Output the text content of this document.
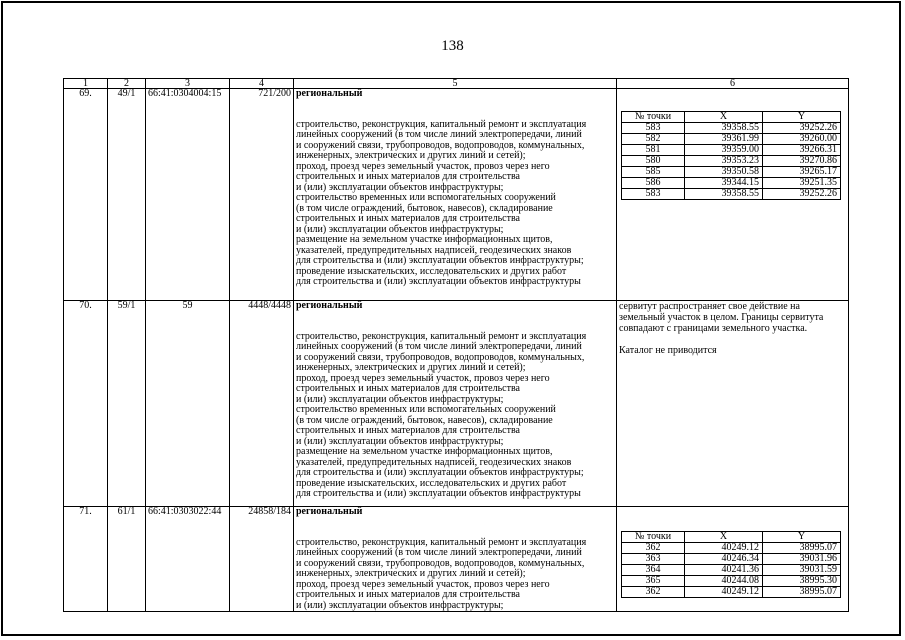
138
1	2	3	4	5	6
69.	49/1	66:41:0304004:15	721/200	региональный
строительство, реконструкция, капитальный ремонт и эксплуатация
линейных сооружений (в том числе линий электропередачи, линий
и сооружений связи, трубопроводов, водопроводов, коммунальных,
инженерных, электрических и других линий и сетей);
проход, проезд через земельный участок, провоз через него
строительных и иных материалов для строительства
и (или) эксплуатации объектов инфраструктуры;
строительство временных или вспомогательных сооружений
(в том числе ограждений, бытовок, навесов), складирование
строительных и иных материалов для строительства
и (или) эксплуатации объектов инфраструктуры;
размещение на земельном участке информационных щитов,
указателей, предупредительных надписей, геодезических знаков
для строительства и (или) эксплуатации объектов инфраструктуры;
проведение изыскательских, исследовательских и других работ
для строительства и (или) эксплуатации объектов инфраструктуры

№ точки	X	Y
583	39358.55	39252.26
582	39361.99	39260.00
581	39359.00	39266.31
580	39353.23	39270.86
585	39350.58	39265.17
586	39344.15	39251.35
583	39358.55	39252.26

70.	59/1	59	4448/4448	региональный
строительство, реконструкция, капитальный ремонт и эксплуатация
линейных сооружений (в том числе линий электропередачи, линий
и сооружений связи, трубопроводов, водопроводов, коммунальных,
инженерных, электрических и других линий и сетей);
проход, проезд через земельный участок, провоз через него
строительных и иных материалов для строительства
и (или) эксплуатации объектов инфраструктуры;
строительство временных или вспомогательных сооружений
(в том числе ограждений, бытовок, навесов), складирование
строительных и иных материалов для строительства
и (или) эксплуатации объектов инфраструктуры;
размещение на земельном участке информационных щитов,
указателей, предупредительных надписей, геодезических знаков
для строительства и (или) эксплуатации объектов инфраструктуры;
проведение изыскательских, исследовательских и других работ
для строительства и (или) эксплуатации объектов инфраструктуры

сервитут распространяет свое действие на
земельный участок в целом. Границы сервитута
совпадают с границами земельного участка.
Каталог не приводится

71.	61/1	66:41:0303022:44	24858/184	региональный
строительство, реконструкция, капитальный ремонт и эксплуатация
линейных сооружений (в том числе линий электропередачи, линий
и сооружений связи, трубопроводов, водопроводов, коммунальных,
инженерных, электрических и других линий и сетей);
проход, проезд через земельный участок, провоз через него
строительных и иных материалов для строительства
и (или) эксплуатации объектов инфраструктуры;

№ точки	X	Y
362	40249.12	38995.07
363	40246.34	39031.96
364	40241.36	39031.59
365	40244.08	38995.30
362	40249.12	38995.07
